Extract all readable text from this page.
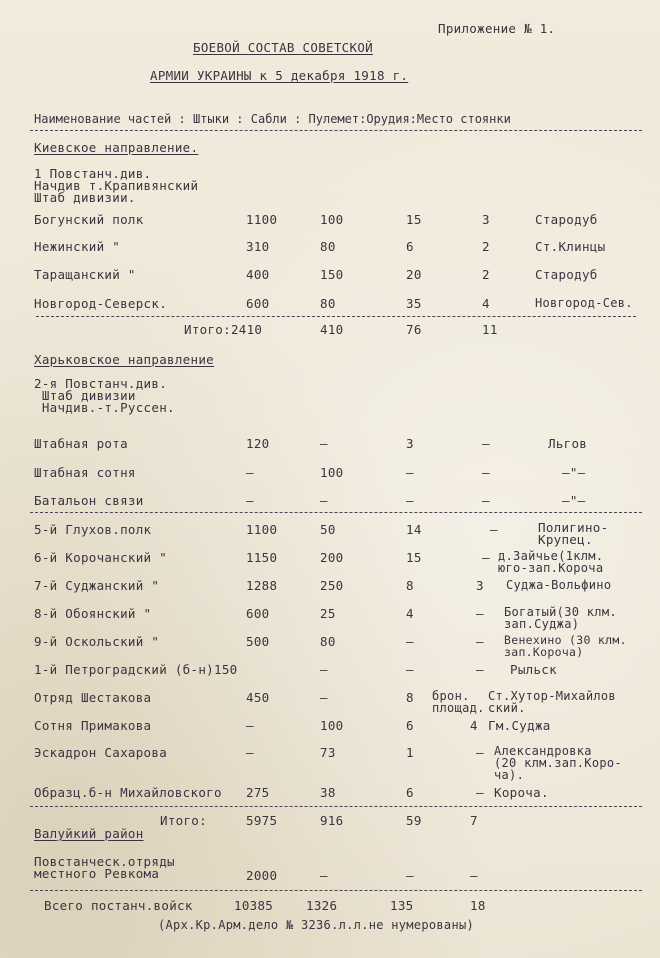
Приложение № 1.
БОЕВОЙ СОСТАВ СОВЕТСКОЙ
АРМИИ УКРАИНЫ к 5 декабря 1918 г.
Наименование частей : Штыки : Сабли : Пулемет:Орудия:Место стоянки
Киевское направление.
1 Повстанч.див.
Начдив т.Крапивянский
Штаб дивизии.
Богунский полк	1100	100	15	3	Стародуб
Нежинский "	310	80	6	2	Ст.Клинцы
Таращанский "	400	150	20	2	Стародуб
Новгород-Северск.	600	80	35	4	Новгород-Сев.
Итого:2410	410	76	11
Харьковское направление
2-я Повстанч.див.
Штаб дивизии
Начдив.-т.Руссен.
Штабная рота	120	–	3	–	Льгов
Штабная сотня	–	100	–	–	–"–
Батальон связи	–	–	–	–	–"–
5-й Глухов.полк	1100	50	14	–	Полигино-
Крупец.
6-й Корочанский "	1150	200	15	– д.Зайчье(1клм.
юго-зап.Короча
7-й Суджанский "	1288	250	8	3 Суджа-Вольфино
8-й Обоянский "	600	25	4	– Богатый(30 клм.
зап.Суджа)
9-й Оскольский "	500	80	–	– Венехино (30 клм.
зап.Короча)
1-й Петроградский (б-н)150	–	–	– Рыльск
Отряд Шестакова	450	–	8 брон. площад.
Ст.Хутор-Михайлов
ский.
Сотня Примакова	–	100	6	4 Гм.Суджа
Эскадрон Сахарова	–	73	1	– Александровка
(20 клм.зап.Коро-
ча).
Образц.б-н Михайловского 275	38	6	– Короча.
Итого:	5975	916	59	7
Валуйкий район
Повстанческ.отряды
местного Ревкома	2000	–	–	–
Всего постанч.войск	10385	1326	135	18
(Арх.Кр.Арм.дело № 3236.л.л.не нумерованы)
